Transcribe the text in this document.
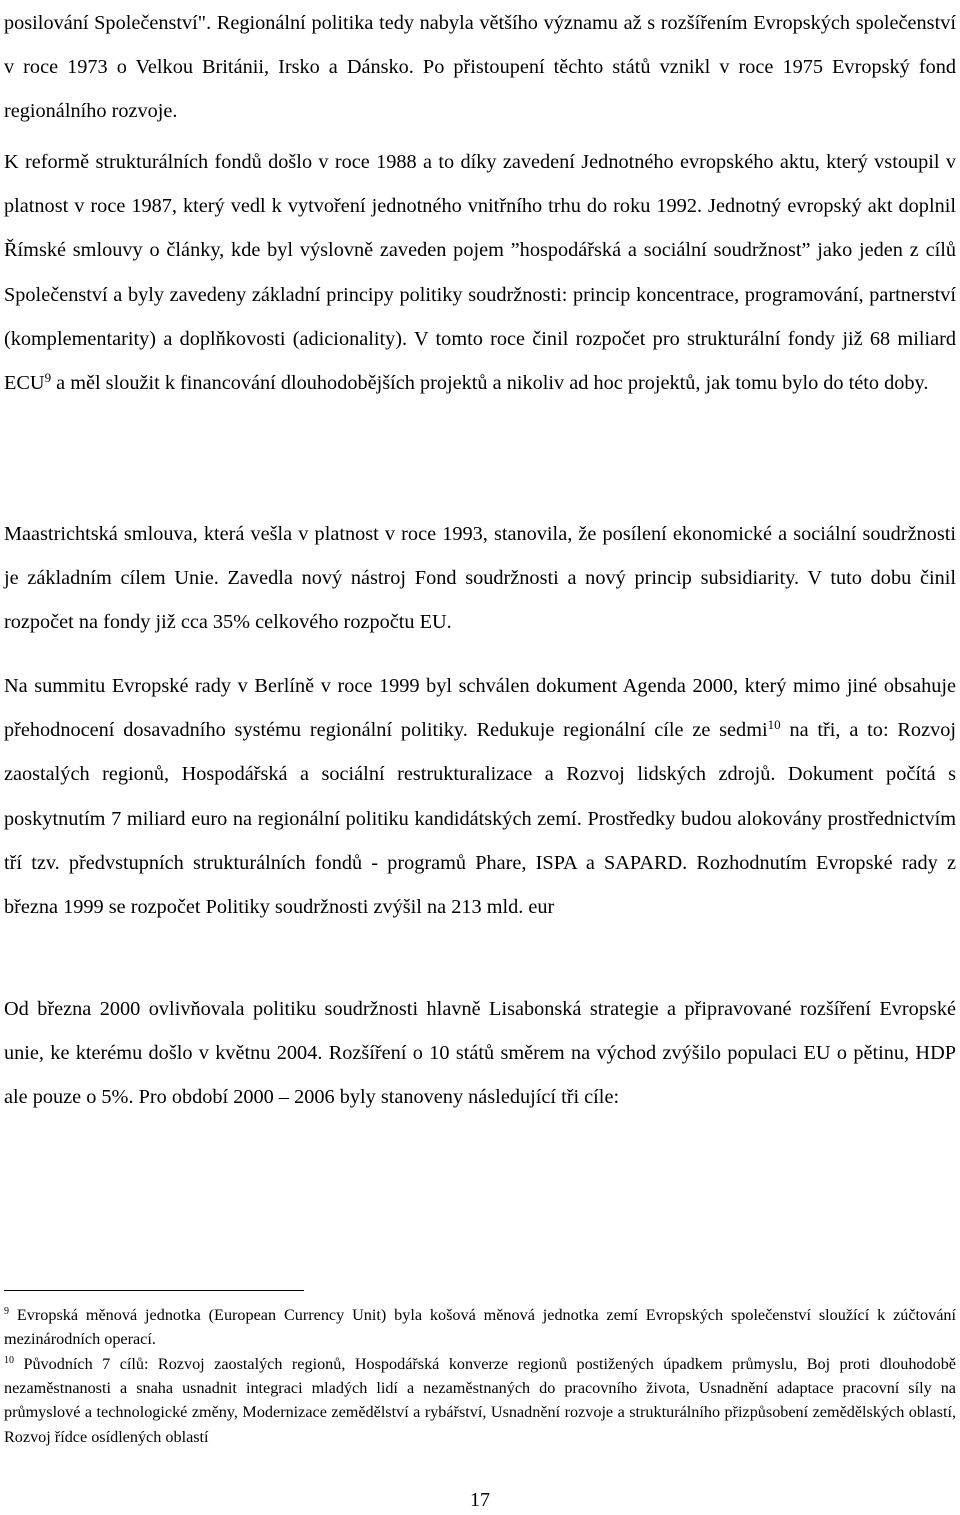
posilování Společenství". Regionální politika tedy nabyla většího významu až s rozšířením Evropských společenství v roce 1973 o Velkou Británii, Irsko a Dánsko. Po přistoupení těchto států vznikl v roce 1975 Evropský fond regionálního rozvoje.

K reformě strukturálních fondů došlo v roce 1988 a to díky zavedení Jednotného evropského aktu, který vstoupil v platnost v roce 1987, který vedl k vytvoření jednotného vnitřního trhu do roku 1992. Jednotný evropský akt doplnil Římské smlouvy o články, kde byl výslovně zaveden pojem ”hospodářská a sociální soudržnost” jako jeden z cílů Společenství a byly zavedeny základní principy politiky soudržnosti: princip koncentrace, programování, partnerství (komplementarity) a doplňkovosti (adicionality). V tomto roce činil rozpočet pro strukturální fondy již 68 miliard ECU$^9$ a měl sloužit k financování dlouhodobějších projektů a nikoliv ad hoc projektů, jak tomu bylo do této doby.

Maastrichtská smlouva, která vešla v platnost v roce 1993, stanovila, že posílení ekonomické a sociální soudržnosti je základním cílem Unie. Zavedla nový nástroj Fond soudržnosti a nový princip subsidiarity. V tuto dobu činil rozpočet na fondy již cca 35% celkového rozpočtu EU.

Na summitu Evropské rady v Berlíně v roce 1999 byl schválen dokument Agenda 2000, který mimo jiné obsahuje přehodnocení dosavadního systému regionální politiky. Redukuje regionální cíle ze sedmi$^{10}$ na tři, a to: Rozvoj zaostalých regionů, Hospodářská a sociální restrukturalizace a Rozvoj lidských zdrojů. Dokument počítá s poskytnutím 7 miliard euro na regionální politiku kandidátských zemí. Prostředky budou alokovány prostřednictvím tří tzv. předvstupních strukturálních fondů - programů Phare, ISPA a SAPARD. Rozhodnutím Evropské rady z března 1999 se rozpočet Politiky soudržnosti zvýšil na 213 mld. eur

Od března 2000 ovlivňovala politiku soudržnosti hlavně Lisabonská strategie a připravované rozšíření Evropské unie, ke kterému došlo v květnu 2004. Rozšíření o 10 států směrem na východ zvýšilo populaci EU o pětinu, HDP ale pouze o 5%. Pro období 2000 – 2006 byly stanoveny následující tři cíle:

$^9$ Evropská měnová jednotka (European Currency Unit) byla košová měnová jednotka zemí Evropských společenství sloužící k zúčtování mezinárodních operací.

$^{10}$ Původních 7 cílů: Rozvoj zaostalých regionů, Hospodářská konverze regionů postižených úpadkem průmyslu, Boj proti dlouhodobě nezaměstnanosti a snaha usnadnit integraci mladých lidí a nezaměstnaných do pracovního života, Usnadnění adaptace pracovní síly na průmyslové a technologické změny, Modernizace zemědělství a rybářství, Usnadnění rozvoje a strukturálního přizpůsobení zemědělských oblastí, Rozvoj řídce osídlených oblastí

17
